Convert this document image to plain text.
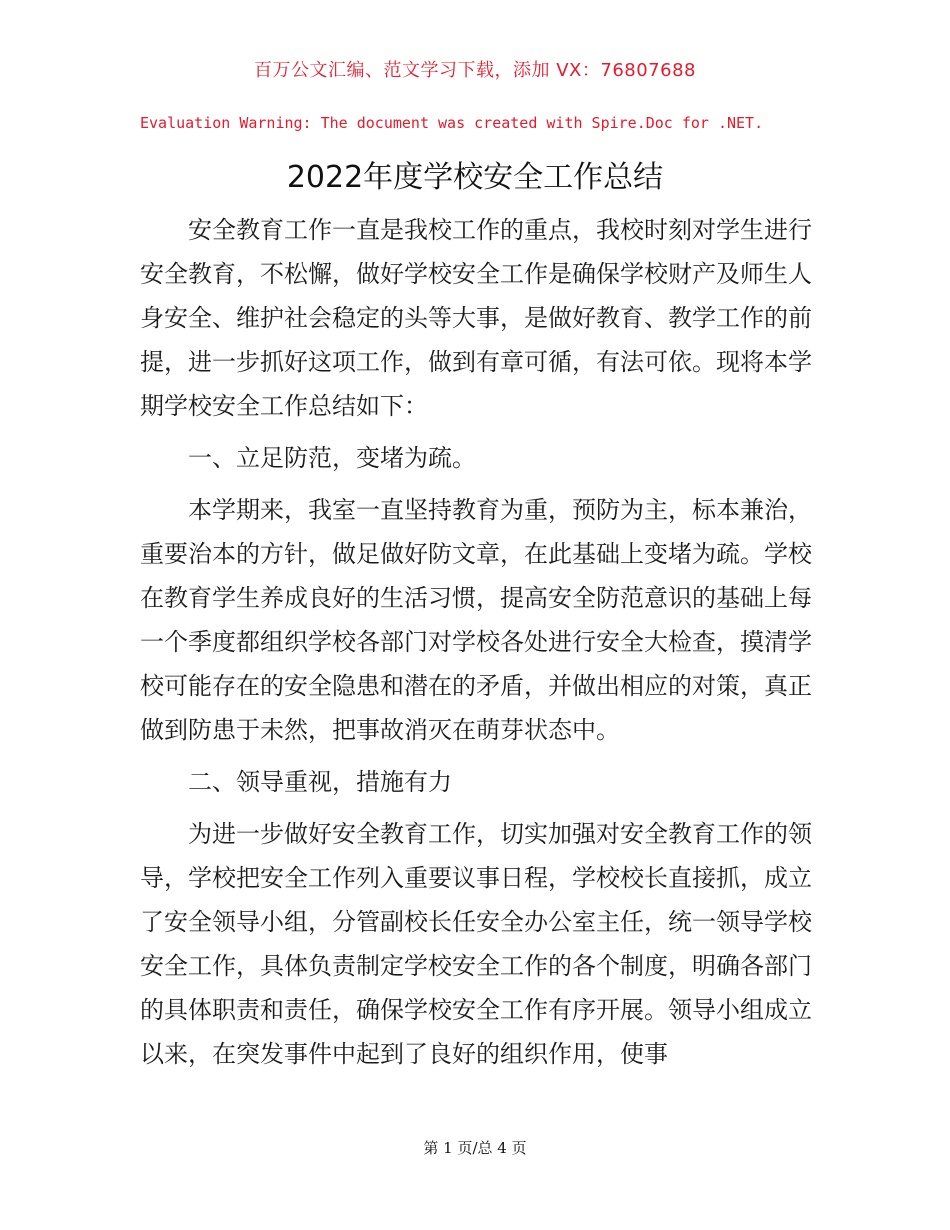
百万公文汇编、范文学习下载，添加 VX：76807688
Evaluation Warning: The document was created with Spire.Doc for .NET.
2022年度学校安全工作总结

安全教育工作一直是我校工作的重点，我校时刻对学生进行安全教育，不松懈，做好学校安全工作是确保学校财产及师生人身安全、维护社会稳定的头等大事，是做好教育、教学工作的前提，进一步抓好这项工作，做到有章可循，有法可依。现将本学期学校安全工作总结如下：

一、立足防范，变堵为疏。

本学期来，我室一直坚持教育为重，预防为主，标本兼治，重要治本的方针，做足做好防文章，在此基础上变堵为疏。学校在教育学生养成良好的生活习惯，提高安全防范意识的基础上每一个季度都组织学校各部门对学校各处进行安全大检查，摸清学校可能存在的安全隐患和潜在的矛盾，并做出相应的对策，真正做到防患于未然，把事故消灭在萌芽状态中。

二、领导重视，措施有力

为进一步做好安全教育工作，切实加强对安全教育工作的领导，学校把安全工作列入重要议事日程，学校校长直接抓，成立了安全领导小组，分管副校长任安全办公室主任，统一领导学校安全工作，具体负责制定学校安全工作的各个制度，明确各部门的具体职责和责任，确保学校安全工作有序开展。领导小组成立以来，在突发事件中起到了良好的组织作用，使事

第 1 页/总 4 页
